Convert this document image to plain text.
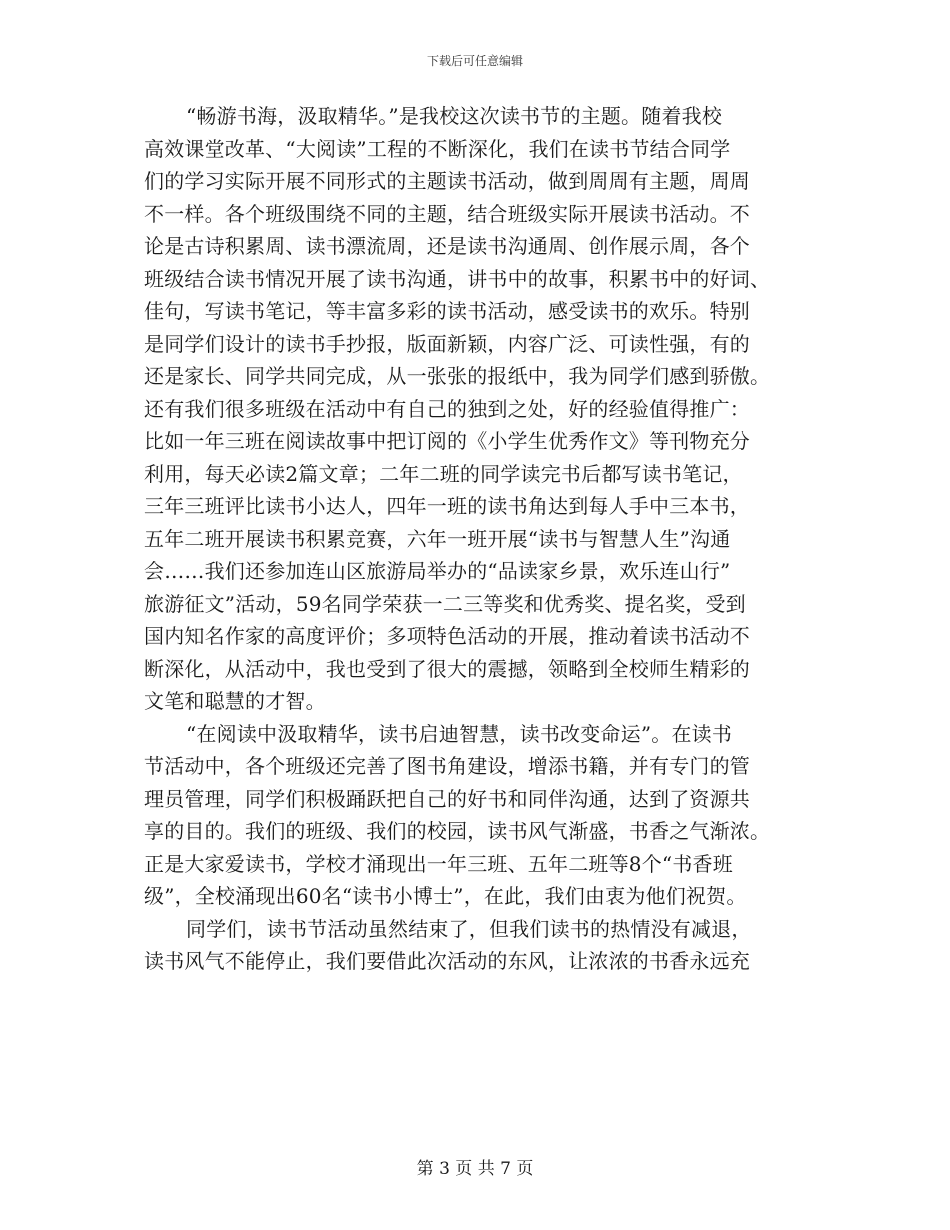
下载后可任意编辑
“畅游书海，汲取精华。”是我校这次读书节的主题。随着我校
高效课堂改革、“大阅读”工程的不断深化，我们在读书节结合同学
们的学习实际开展不同形式的主题读书活动，做到周周有主题，周周
不一样。各个班级围绕不同的主题，结合班级实际开展读书活动。不
论是古诗积累周、读书漂流周，还是读书沟通周、创作展示周，各个
班级结合读书情况开展了读书沟通，讲书中的故事，积累书中的好词、
佳句，写读书笔记，等丰富多彩的读书活动，感受读书的欢乐。特别
是同学们设计的读书手抄报，版面新颖，内容广泛、可读性强，有的
还是家长、同学共同完成，从一张张的报纸中，我为同学们感到骄傲。
还有我们很多班级在活动中有自己的独到之处，好的经验值得推广：
比如一年三班在阅读故事中把订阅的《小学生优秀作文》等刊物充分
利用，每天必读2篇文章；二年二班的同学读完书后都写读书笔记，
三年三班评比读书小达人，四年一班的读书角达到每人手中三本书，
五年二班开展读书积累竞赛，六年一班开展“读书与智慧人生”沟通
会……我们还参加连山区旅游局举办的“品读家乡景，欢乐连山行”
旅游征文”活动，59名同学荣获一二三等奖和优秀奖、提名奖，受到
国内知名作家的高度评价；多项特色活动的开展，推动着读书活动不
断深化，从活动中，我也受到了很大的震撼，领略到全校师生精彩的
文笔和聪慧的才智。
“在阅读中汲取精华，读书启迪智慧，读书改变命运”。在读书
节活动中，各个班级还完善了图书角建设，增添书籍，并有专门的管
理员管理，同学们积极踊跃把自己的好书和同伴沟通，达到了资源共
享的目的。我们的班级、我们的校园，读书风气渐盛，书香之气渐浓。
正是大家爱读书，学校才涌现出一年三班、五年二班等8个“书香班
级”，全校涌现出60名“读书小博士”，在此，我们由衷为他们祝贺。
同学们，读书节活动虽然结束了，但我们读书的热情没有减退，
读书风气不能停止，我们要借此次活动的东风，让浓浓的书香永远充
第 3 页 共 7 页
